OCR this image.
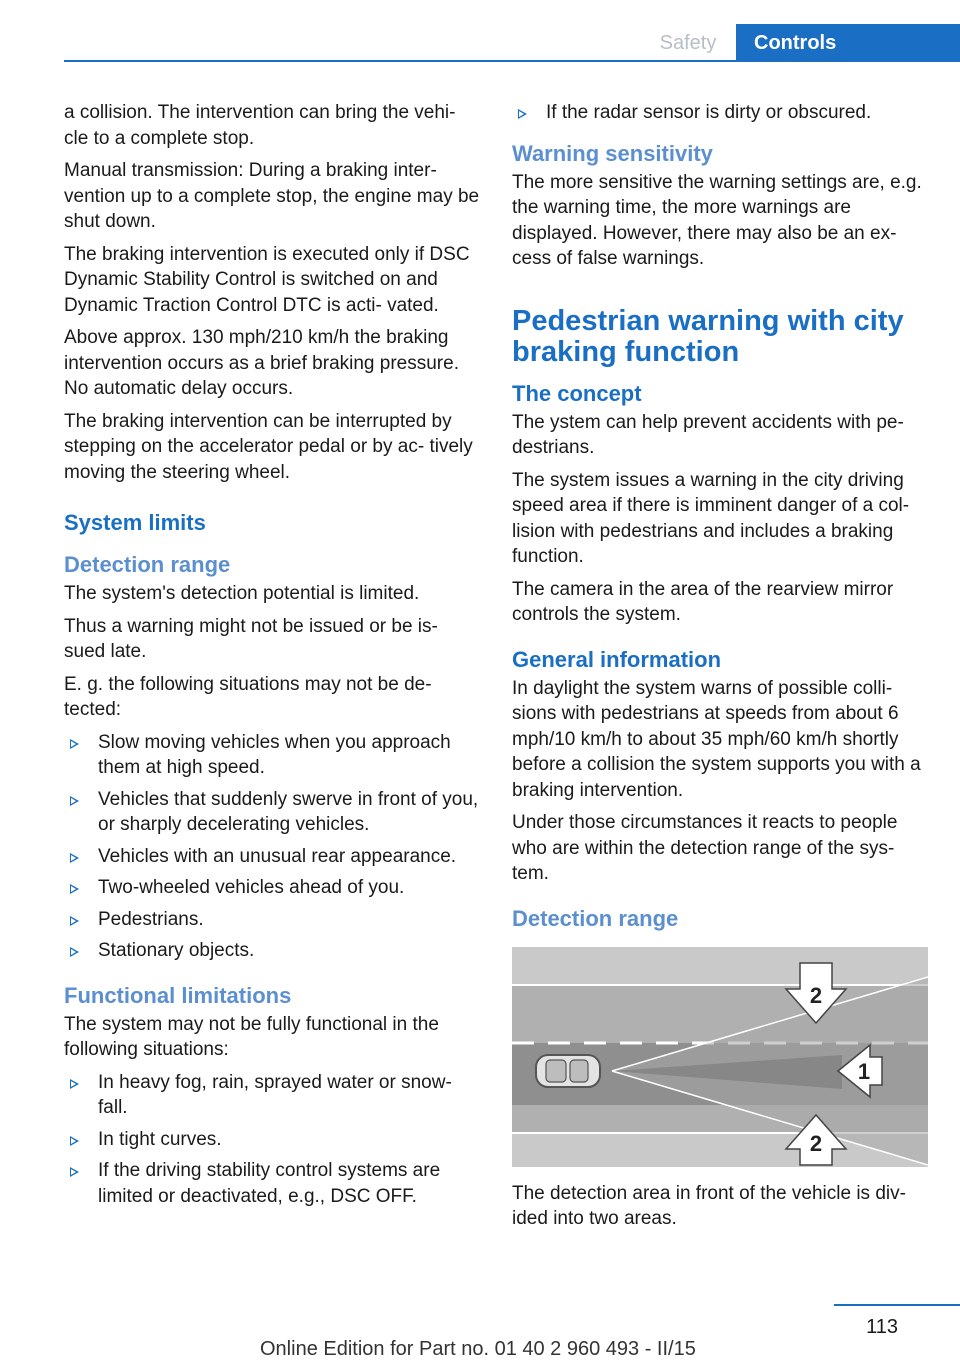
Safety	Controls

a collision. The intervention can bring the vehi‐ cle to a complete stop.

Manual transmission: During a braking inter‐ vention up to a complete stop, the engine may be shut down.

The braking intervention is executed only if DSC Dynamic Stability Control is switched on and Dynamic Traction Control DTC is acti‐ vated.

Above approx. 130 mph/210 km/h the braking intervention occurs as a brief braking pressure. No automatic delay occurs.

The braking intervention can be interrupted by stepping on the accelerator pedal or by ac‐ tively moving the steering wheel.

System limits
Detection range

The system's detection potential is limited.

Thus a warning might not be issued or be is‐ sued late.

E. g. the following situations may not be de‐ tected:

Slow moving vehicles when you approach them at high speed.
Vehicles that suddenly swerve in front of you, or sharply decelerating vehicles.
Vehicles with an unusual rear appearance.
Two-wheeled vehicles ahead of you.
Pedestrians.
Stationary objects.
Functional limitations

The system may not be fully functional in the following situations:

In heavy fog, rain, sprayed water or snow‐ fall.
In tight curves.
If the driving stability control systems are limited or deactivated, e.g., DSC OFF.
If the radar sensor is dirty or obscured.
Warning sensitivity

The more sensitive the warning settings are, e.g. the warning time, the more warnings are displayed. However, there may also be an ex‐ cess of false warnings.

Pedestrian warning with city braking function
The concept

The ystem can help prevent accidents with pe‐ destrians.

The system issues a warning in the city driving speed area if there is imminent danger of a col‐ lision with pedestrians and includes a braking function.

The camera in the area of the rearview mirror controls the system.

General information

In daylight the system warns of possible colli‐ sions with pedestrians at speeds from about 6 mph/10 km/h to about 35 mph/60 km/h shortly before a collision the system supports you with a braking intervention.

Under those circumstances it reacts to people who are within the detection range of the sys‐ tem.

Detection range
2
1
2

The detection area in front of the vehicle is div‐ ided into two areas.

113
Online Edition for Part no. 01 40 2 960 493 - II/15
